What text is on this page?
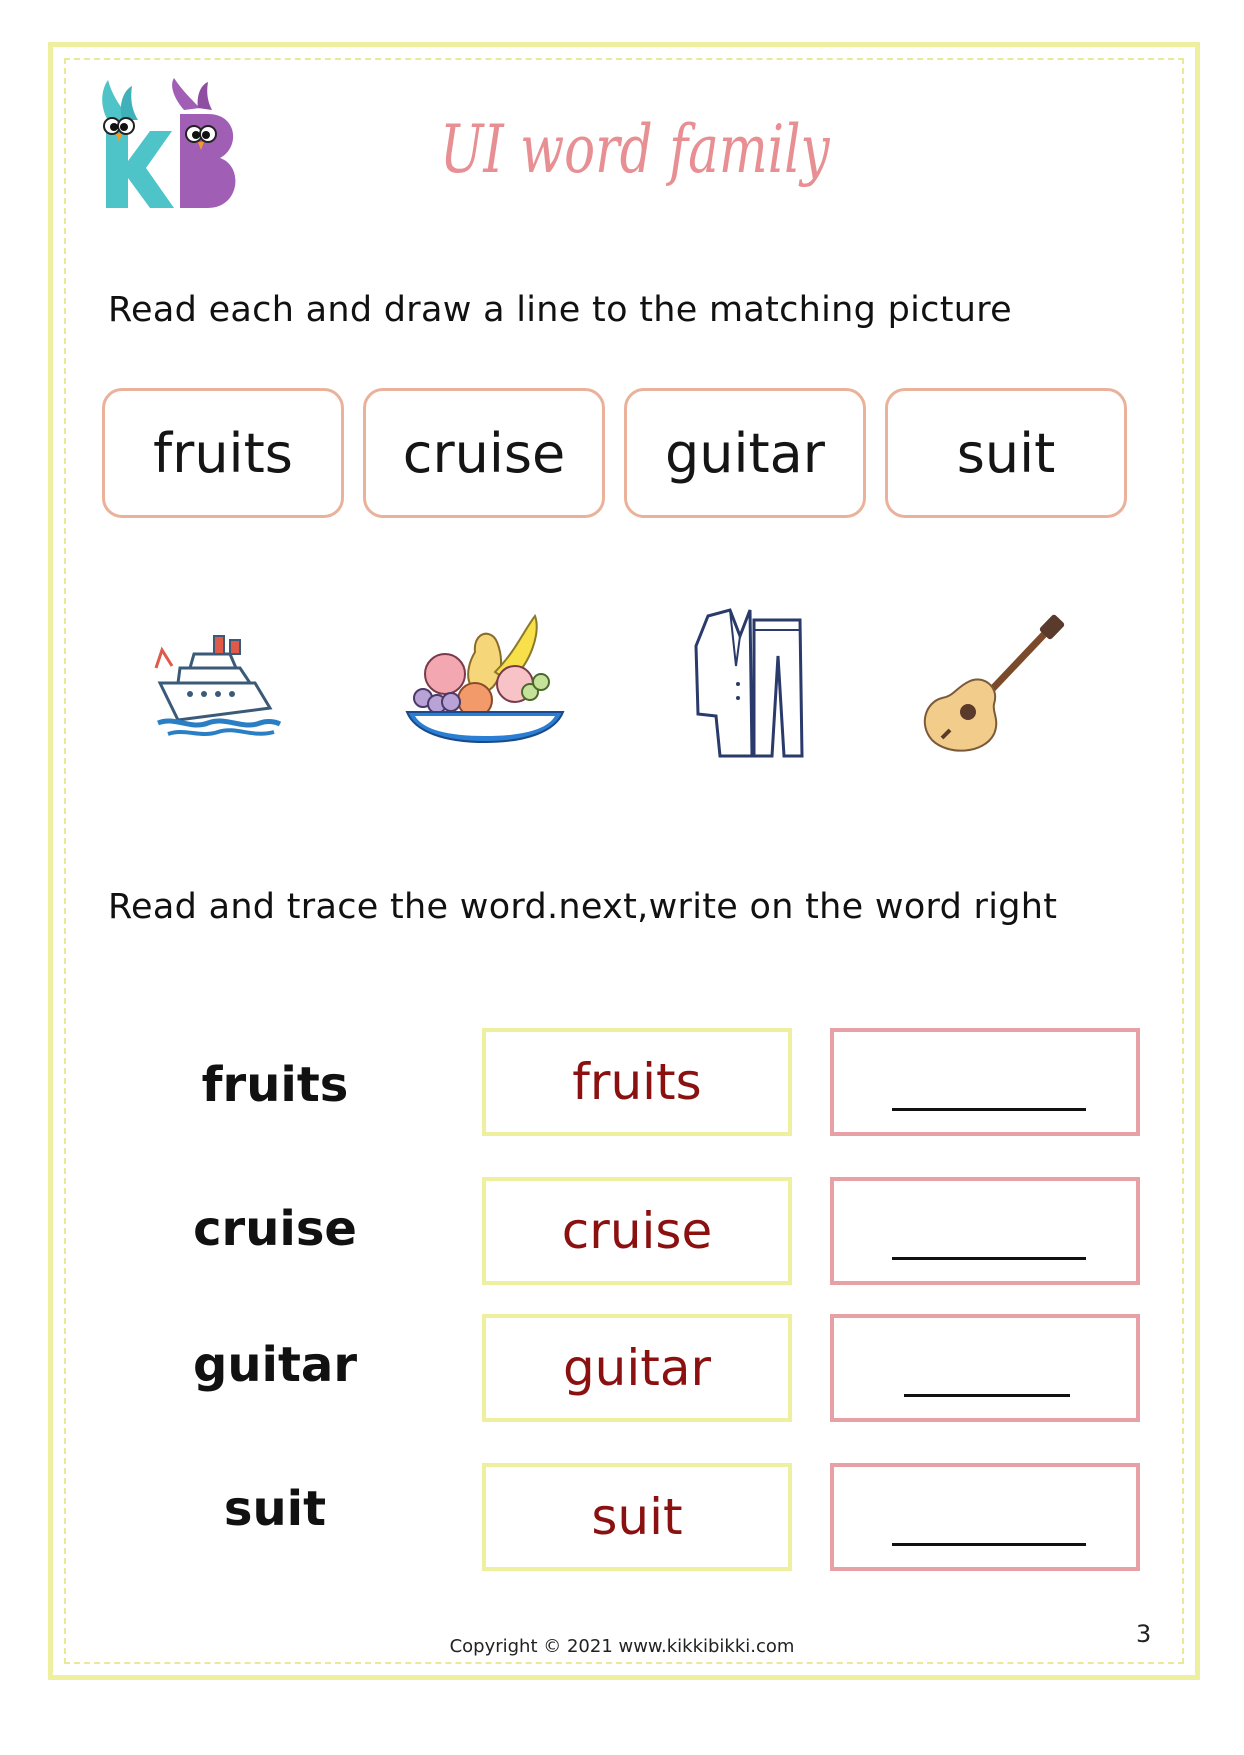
UI word family
Read each and draw a line to the matching picture
fruits	cruise	guitar	suit
Read and trace the word.next,write on the word right
fruits	fruits
cruise	cruise
guitar	guitar
suit	suit
Copyright © 2021 www.kikkibikki.com	3
